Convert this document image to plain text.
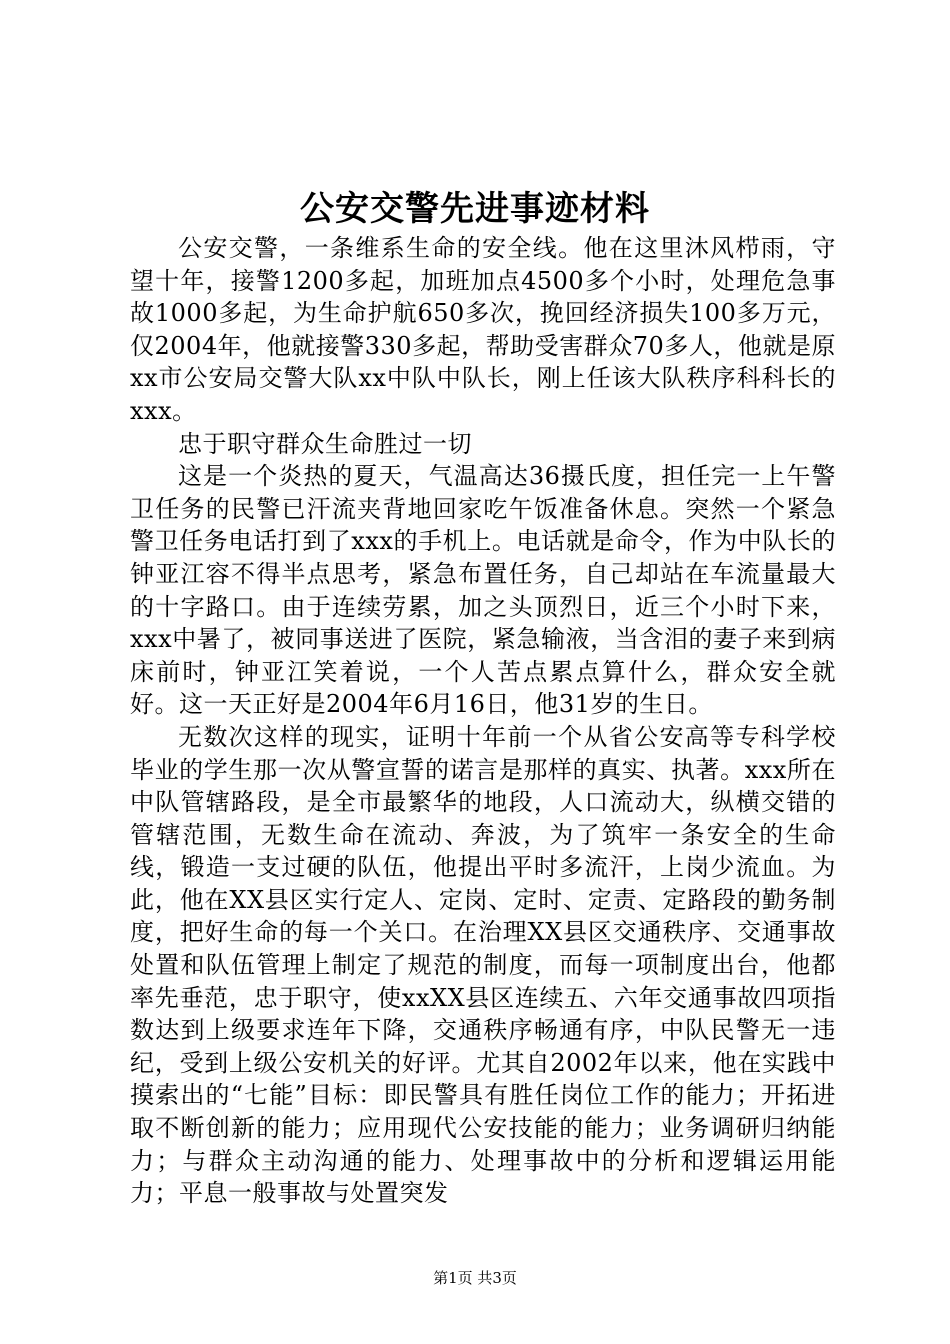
公安交警先进事迹材料

公安交警，一条维系生命的安全线。他在这里沐风栉雨，守望十年，接警1200多起，加班加点4500多个小时，处理危急事故1000多起，为生命护航650多次，挽回经济损失100多万元，仅2004年，他就接警330多起，帮助受害群众70多人，他就是原xx市公安局交警大队xx中队中队长，刚上任该大队秩序科科长的xxx。

忠于职守群众生命胜过一切

这是一个炎热的夏天，气温高达36摄氏度，担任完一上午警卫任务的民警已汗流夹背地回家吃午饭准备休息。突然一个紧急警卫任务电话打到了xxx的手机上。电话就是命令，作为中队长的钟亚江容不得半点思考，紧急布置任务，自己却站在车流量最大的十字路口。由于连续劳累，加之头顶烈日，近三个小时下来，xxx中暑了，被同事送进了医院，紧急输液，当含泪的妻子来到病床前时，钟亚江笑着说，一个人苦点累点算什么，群众安全就好。这一天正好是2004年6月16日，他31岁的生日。

无数次这样的现实，证明十年前一个从省公安高等专科学校毕业的学生那一次从警宣誓的诺言是那样的真实、执著。xxx所在中队管辖路段，是全市最繁华的地段，人口流动大，纵横交错的管辖范围，无数生命在流动、奔波，为了筑牢一条安全的生命线，锻造一支过硬的队伍，他提出平时多流汗，上岗少流血。为此，他在XX县区实行定人、定岗、定时、定责、定路段的勤务制度，把好生命的每一个关口。在治理XX县区交通秩序、交通事故处置和队伍管理上制定了规范的制度，而每一项制度出台，他都率先垂范，忠于职守，使xxXX县区连续五、六年交通事故四项指数达到上级要求连年下降，交通秩序畅通有序，中队民警无一违纪，受到上级公安机关的好评。尤其自2002年以来，他在实践中摸索出的“七能”目标：即民警具有胜任岗位工作的能力；开拓进取不断创新的能力；应用现代公安技能的能力；业务调研归纳能力；与群众主动沟通的能力、处理事故中的分析和逻辑运用能力；平息一般事故与处置突发

第1页 共3页
